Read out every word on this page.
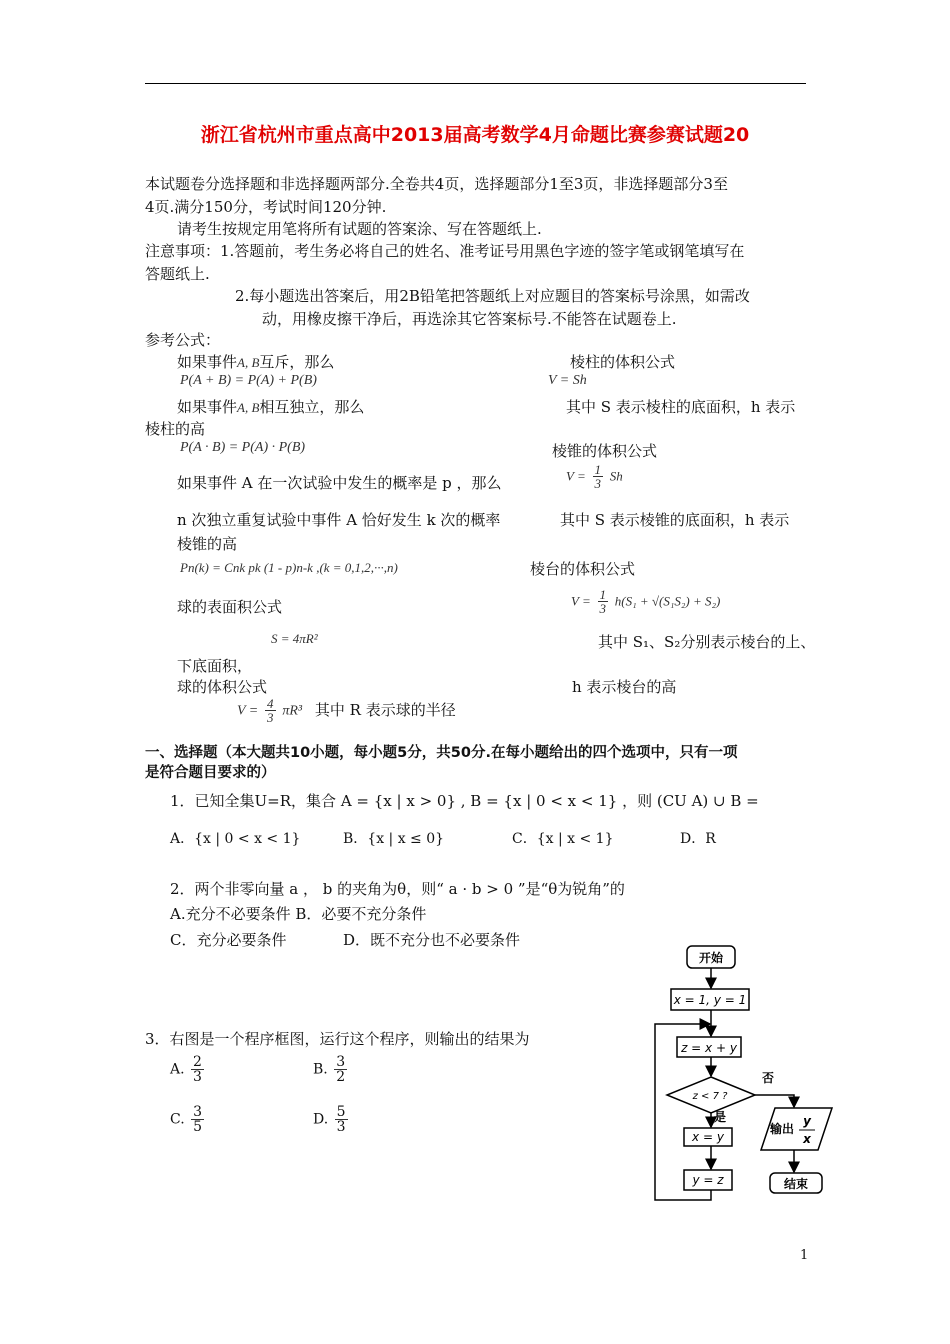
浙江省杭州市重点高中2013届高考数学4月命题比赛参赛试题20
本试题卷分选择题和非选择题两部分.全卷共4页，选择题部分1至3页，非选择题部分3至
4页.满分150分，考试时间120分钟.
请考生按规定用笔将所有试题的答案涂、写在答题纸上.
注意事项：1.答题前，考生务必将自己的姓名、准考证号用黑色字迹的签字笔或钢笔填写在
答题纸上.
2.每小题选出答案后，用2B铅笔把答题纸上对应题目的答案标号涂黑，如需改
动，用橡皮擦干净后，再选涂其它答案标号.不能答在试题卷上.
参考公式：
如果事件A, B互斥，那么
P(A + B) = P(A) + P(B)
如果事件A, B相互独立，那么
棱柱的高
P(A · B) = P(A) · P(B)
如果事件 A 在一次试验中发生的概率是 p ，那么
n 次独立重复试验中事件 A 恰好发生 k 次的概率
棱锥的高
Pn(k) = Cnk pk (1 - p)n-k ,(k = 0,1,2,···,n)
球的表面积公式
S = 4πR²
下底面积，
球的体积公式
$V = \frac{4}{3} \pi R^3$ 其中 R 表示球的半径
棱柱的体积公式
V = Sh
其中 S 表示棱柱的底面积，h 表示
棱锥的体积公式
$V = \frac{1}{3}$ Sh
其中 S 表示棱锥的底面积，h 表示
棱台的体积公式
$V = \frac{1}{3} h(S_1 + √(S_1S_2) + S_2)$
其中 S₁、S₂分别表示棱台的上、
h 表示棱台的高
一、选择题（本大题共10小题，每小题5分，共50分.在每小题给出的四个选项中，只有一项
是符合题目要求的）
1．已知全集U=R，集合 A = {x | x > 0} , B = {x | 0 < x < 1} ，则 (CU A) ∪ B =
A．{x | 0 < x < 1}	B．{x | x ≤ 0}	C．{x | x < 1}	D．R
2．两个非零向量 a ， b 的夹角为θ，则“ a · b > 0 ”是“θ为锐角”的
A.充分不必要条件 B．必要不充分条件
C．充分必要条件	D．既不充分也不必要条件
3．右图是一个程序框图，运行这个程序，则输出的结果为
A. $\frac{2}{3}$	B. $\frac{3}{2}$
C. $\frac{3}{5}$	D. $\frac{5}{3}$
开始
x = 1, y = 1
z = x + y
z < 7 ?
是
否
x = y
y = z
输出
y
x
结束
1
